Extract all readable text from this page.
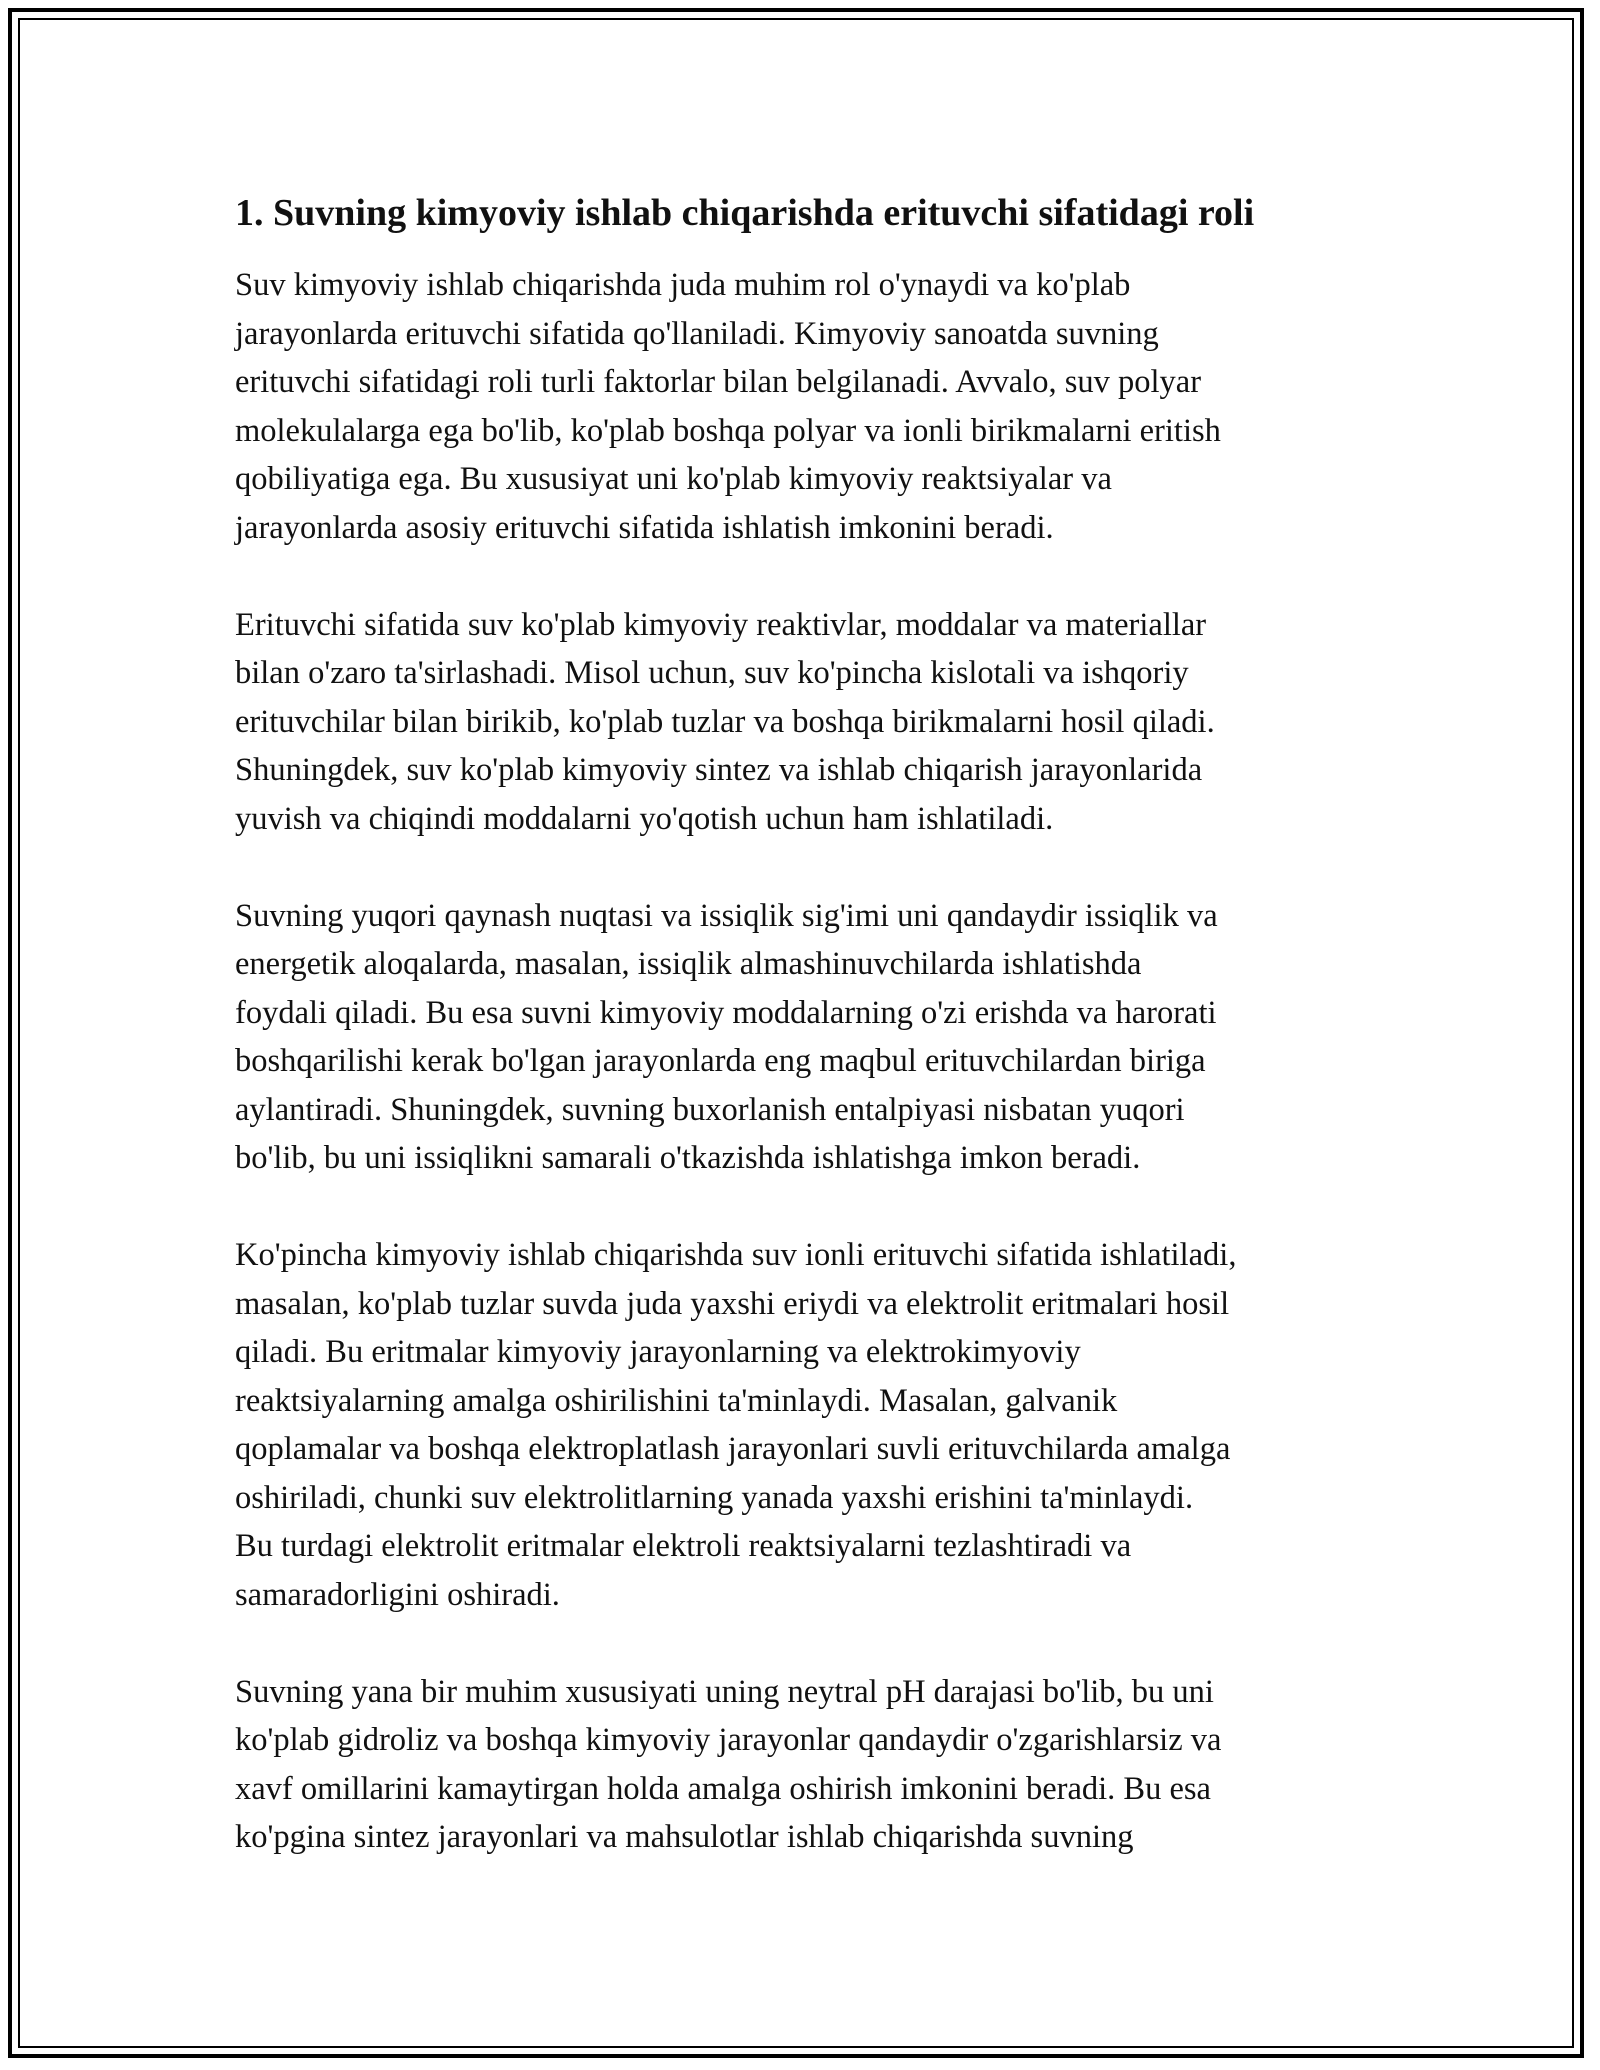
1. Suvning kimyoviy ishlab chiqarishda erituvchi sifatidagi roli

Suv kimyoviy ishlab chiqarishda juda muhim rol o'ynaydi va ko'plab
jarayonlarda erituvchi sifatida qo'llaniladi. Kimyoviy sanoatda suvning
erituvchi sifatidagi roli turli faktorlar bilan belgilanadi. Avvalo, suv polyar
molekulalarga ega bo'lib, ko'plab boshqa polyar va ionli birikmalarni eritish
qobiliyatiga ega. Bu xususiyat uni ko'plab kimyoviy reaktsiyalar va
jarayonlarda asosiy erituvchi sifatida ishlatish imkonini beradi.

Erituvchi sifatida suv ko'plab kimyoviy reaktivlar, moddalar va materiallar
bilan o'zaro ta'sirlashadi. Misol uchun, suv ko'pincha kislotali va ishqoriy
erituvchilar bilan birikib, ko'plab tuzlar va boshqa birikmalarni hosil qiladi.
Shuningdek, suv ko'plab kimyoviy sintez va ishlab chiqarish jarayonlarida
yuvish va chiqindi moddalarni yo'qotish uchun ham ishlatiladi.

Suvning yuqori qaynash nuqtasi va issiqlik sig'imi uni qandaydir issiqlik va
energetik aloqalarda, masalan, issiqlik almashinuvchilarda ishlatishda
foydali qiladi. Bu esa suvni kimyoviy moddalarning o'zi erishda va harorati
boshqarilishi kerak bo'lgan jarayonlarda eng maqbul erituvchilardan biriga
aylantiradi. Shuningdek, suvning buxorlanish entalpiyasi nisbatan yuqori
bo'lib, bu uni issiqlikni samarali o'tkazishda ishlatishga imkon beradi.

Ko'pincha kimyoviy ishlab chiqarishda suv ionli erituvchi sifatida ishlatiladi,
masalan, ko'plab tuzlar suvda juda yaxshi eriydi va elektrolit eritmalari hosil
qiladi. Bu eritmalar kimyoviy jarayonlarning va elektrokimyoviy
reaktsiyalarning amalga oshirilishini ta'minlaydi. Masalan, galvanik
qoplamalar va boshqa elektroplatlash jarayonlari suvli erituvchilarda amalga
oshiriladi, chunki suv elektrolitlarning yanada yaxshi erishini ta'minlaydi.
Bu turdagi elektrolit eritmalar elektroli reaktsiyalarni tezlashtiradi va
samaradorligini oshiradi.

Suvning yana bir muhim xususiyati uning neytral pH darajasi bo'lib, bu uni
ko'plab gidroliz va boshqa kimyoviy jarayonlar qandaydir o'zgarishlarsiz va
xavf omillarini kamaytirgan holda amalga oshirish imkonini beradi. Bu esa
ko'pgina sintez jarayonlari va mahsulotlar ishlab chiqarishda suvning
